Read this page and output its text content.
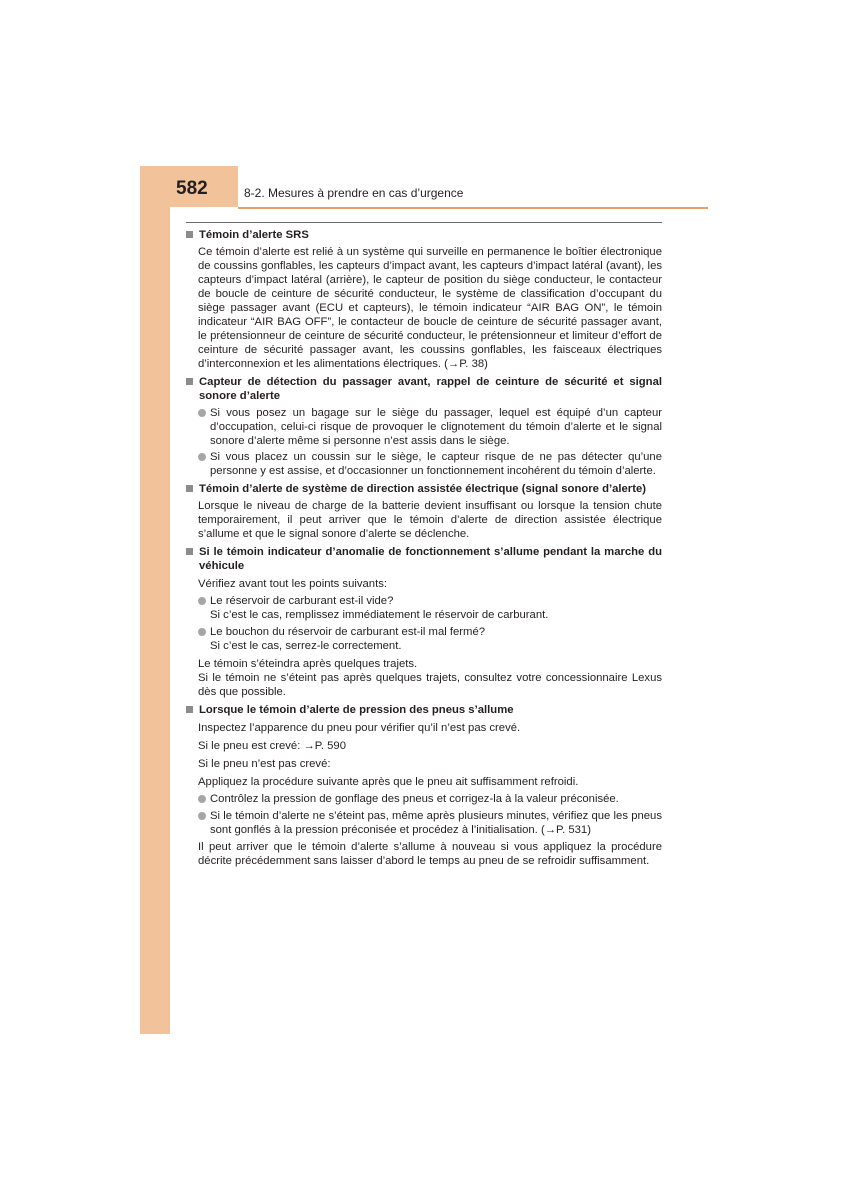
582	8-2. Mesures à prendre en cas d’urgence

Témoin d’alerte SRS

Ce témoin d’alerte est relié à un système qui surveille en permanence le boîtier électronique de coussins gonflables, les capteurs d’impact avant, les capteurs d’impact latéral (avant), les capteurs d’impact latéral (arrière), le capteur de position du siège conducteur, le contacteur de boucle de ceinture de sécurité conducteur, le système de classification d’occupant du siège passager avant (ECU et capteurs), le témoin indicateur “AIR BAG ON”, le témoin indicateur “AIR BAG OFF”, le contacteur de boucle de ceinture de sécurité passager avant, le prétensionneur de ceinture de sécurité conducteur, le prétensionneur et limiteur d’effort de ceinture de sécurité passager avant, les coussins gonflables, les faisceaux électriques d’interconnexion et les alimentations électriques. (→P. 38)

Capteur de détection du passager avant, rappel de ceinture de sécurité et signal sonore d’alerte

Si vous posez un bagage sur le siège du passager, lequel est équipé d’un capteur d’occupation, celui-ci risque de provoquer le clignotement du témoin d’alerte et le signal sonore d’alerte même si personne n’est assis dans le siège.

Si vous placez un coussin sur le siège, le capteur risque de ne pas détecter qu’une personne y est assise, et d’occasionner un fonctionnement incohérent du témoin d’alerte.

Témoin d’alerte de système de direction assistée électrique (signal sonore d’alerte)

Lorsque le niveau de charge de la batterie devient insuffisant ou lorsque la tension chute temporairement, il peut arriver que le témoin d’alerte de direction assistée électrique s’allume et que le signal sonore d’alerte se déclenche.

Si le témoin indicateur d’anomalie de fonctionnement s’allume pendant la marche du véhicule

Vérifiez avant tout les points suivants:

Le réservoir de carburant est-il vide?
Si c’est le cas, remplissez immédiatement le réservoir de carburant.

Le bouchon du réservoir de carburant est-il mal fermé?
Si c’est le cas, serrez-le correctement.

Le témoin s’éteindra après quelques trajets.

Si le témoin ne s’éteint pas après quelques trajets, consultez votre concessionnaire Lexus dès que possible.

Lorsque le témoin d’alerte de pression des pneus s’allume

Inspectez l’apparence du pneu pour vérifier qu’il n’est pas crevé.

Si le pneu est crevé: →P. 590

Si le pneu n’est pas crevé:

Appliquez la procédure suivante après que le pneu ait suffisamment refroidi.

Contrôlez la pression de gonflage des pneus et corrigez-la à la valeur préconisée.

Si le témoin d’alerte ne s’éteint pas, même après plusieurs minutes, vérifiez que les pneus sont gonflés à la pression préconisée et procédez à l’initialisation. (→P. 531)

Il peut arriver que le témoin d’alerte s’allume à nouveau si vous appliquez la procédure décrite précédemment sans laisser d’abord le temps au pneu de se refroidir suffisamment.
